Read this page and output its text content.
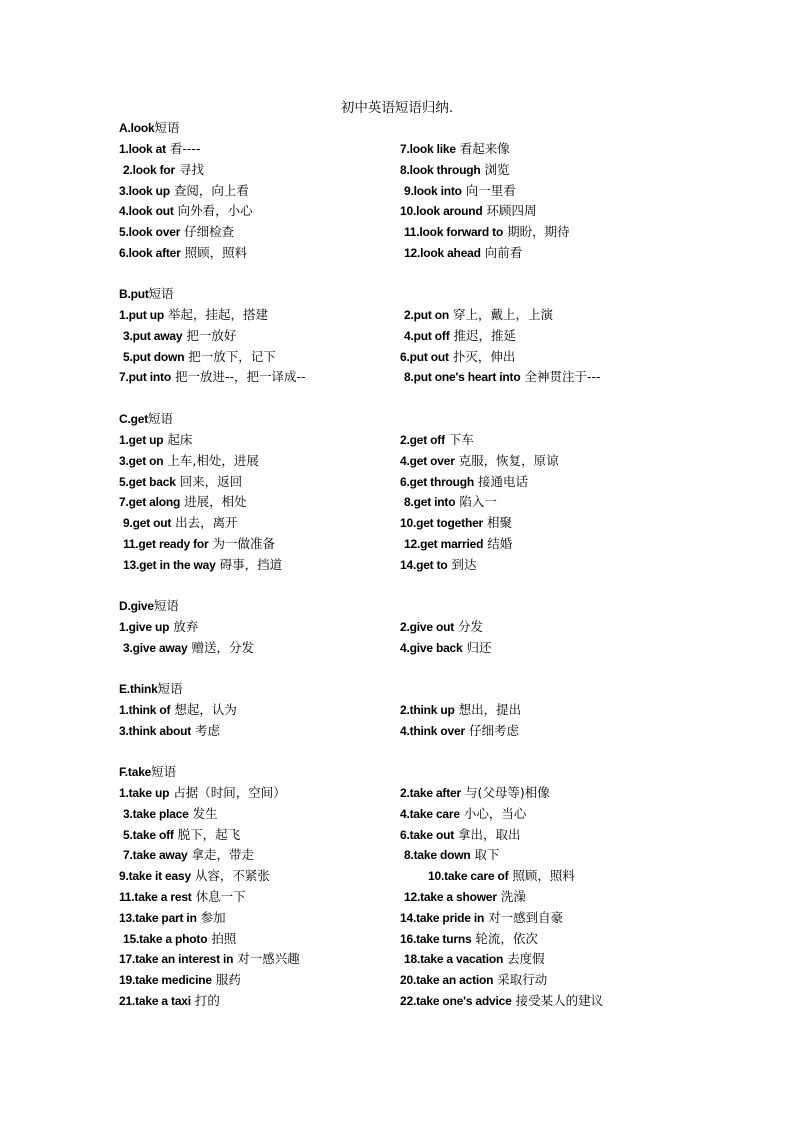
初中英语短语归纳.
A.look短语
1.look at 看----	7.look like 看起来像
2.look for 寻找	8.look through 浏览
3.look up 查阅，向上看	9.look into 向一里看
4.look out 向外看，小心	10.look around 环顾四周
5.look over 仔细检查	11.look forward to 期盼，期待
6.look after 照顾，照料	12.look ahead 向前看
B.put短语
1.put up 举起，挂起，搭建	2.put on 穿上，戴上，上演
3.put away 把一放好	4.put off 推迟，推延
5.put down 把一放下，记下	6.put out 扑灭，伸出
7.put into 把一放进--，把一译成--	8.put one's heart into 全神贯注于---
C.get短语
1.get up 起床	2.get off 下车
3.get on 上车,相处，进展	4.get over 克服，恢复，原谅
5.get back 回来，返回	6.get through 接通电话
7.get along 进展，相处	8.get into 陷入一
9.get out 出去，离开	10.get together 相聚
11.get ready for 为一做准备	12.get married 结婚
13.get in the way 碍事，挡道	14.get to 到达
D.give短语
1.give up 放弃	2.give out 分发
3.give away 赠送，分发	4.give back 归还
E.think短语
1.think of 想起，认为	2.think up 想出，提出
3.think about 考虑	4.think over 仔细考虑
F.take短语
1.take up 占据（时间，空间）	2.take after 与(父母等)相像
3.take place 发生	4.take care 小心，当心
5.take off 脱下，起飞	6.take out 拿出，取出
7.take away 拿走，带走	8.take down 取下
9.take it easy 从容，不紧张	10.take care of 照顾，照料
11.take a rest 休息一下	12.take a shower 洗澡
13.take part in 参加	14.take pride in 对一感到自豪
15.take a photo 拍照	16.take turns 轮流，依次
17.take an interest in 对一感兴趣	18.take a vacation 去度假
19.take medicine 服药	20.take an action 采取行动
21.take a taxi 打的	22.take one's advice 接受某人的建议
